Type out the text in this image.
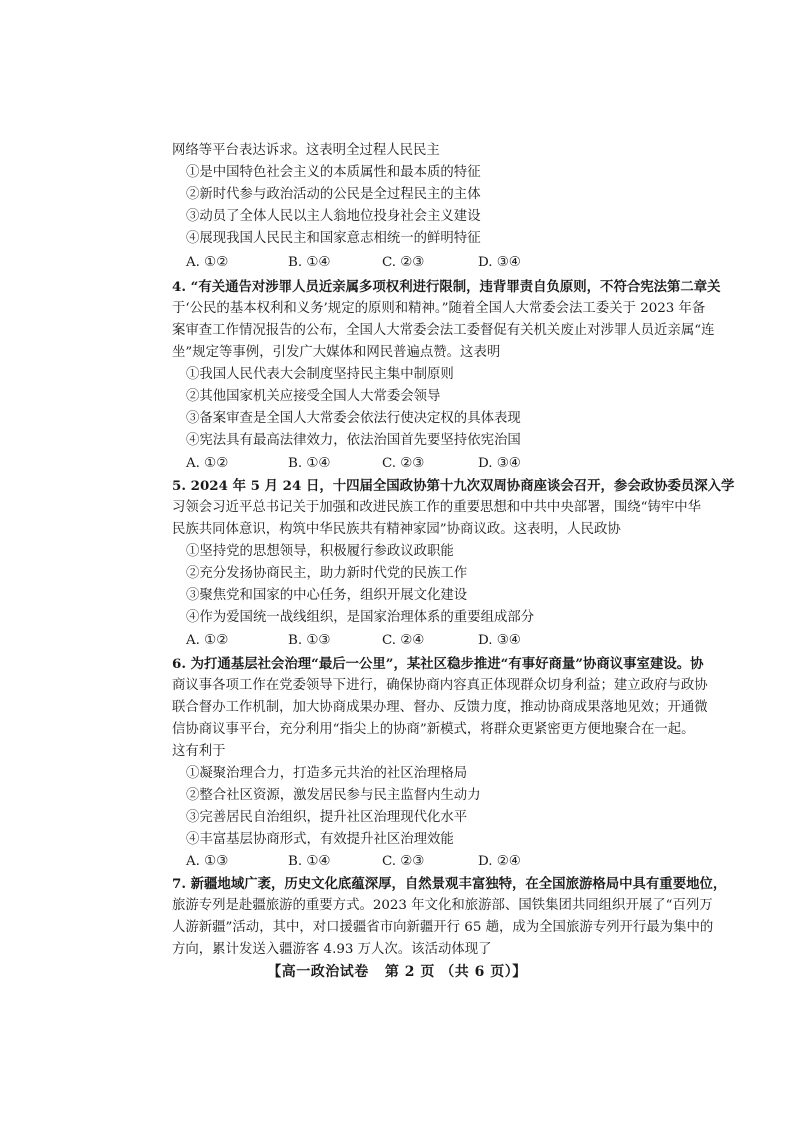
网络等平台表达诉求。这表明全过程人民民主
①是中国特色社会主义的本质属性和最本质的特征
②新时代参与政治活动的公民是全过程民主的主体
③动员了全体人民以主人翁地位投身社会主义建设
④展现我国人民民主和国家意志相统一的鲜明特征
A. ①②	B. ①④	C. ②③	D. ③④
4. “有关通告对涉罪人员近亲属多项权利进行限制，违背罪责自负原则，不符合宪法第二章关
于‘公民的基本权利和义务’规定的原则和精神。”随着全国人大常委会法工委关于 2023 年备
案审查工作情况报告的公布，全国人大常委会法工委督促有关机关废止对涉罪人员近亲属“连
坐”规定等事例，引发广大媒体和网民普遍点赞。这表明
①我国人民代表大会制度坚持民主集中制原则
②其他国家机关应接受全国人大常委会领导
③备案审查是全国人大常委会依法行使决定权的具体表现
④宪法具有最高法律效力，依法治国首先要坚持依宪治国
A. ①②	B. ①④	C. ②③	D. ③④
5. 2024 年 5 月 24 日，十四届全国政协第十九次双周协商座谈会召开，参会政协委员深入学
习领会习近平总书记关于加强和改进民族工作的重要思想和中共中央部署，围绕“铸牢中华
民族共同体意识，构筑中华民族共有精神家园”协商议政。这表明，人民政协
①坚持党的思想领导，积极履行参政议政职能
②充分发扬协商民主，助力新时代党的民族工作
③聚焦党和国家的中心任务，组织开展文化建设
④作为爱国统一战线组织，是国家治理体系的重要组成部分
A. ①②	B. ①③	C. ②④	D. ③④
6. 为打通基层社会治理“最后一公里”，某社区稳步推进“有事好商量”协商议事室建设。协
商议事各项工作在党委领导下进行，确保协商内容真正体现群众切身利益；建立政府与政协
联合督办工作机制，加大协商成果办理、督办、反馈力度，推动协商成果落地见效；开通微
信协商议事平台，充分利用“指尖上的协商”新模式，将群众更紧密更方便地聚合在一起。
这有利于
①凝聚治理合力，打造多元共治的社区治理格局
②整合社区资源，激发居民参与民主监督内生动力
③完善居民自治组织，提升社区治理现代化水平
④丰富基层协商形式，有效提升社区治理效能
A. ①③	B. ①④	C. ②③	D. ②④
7. 新疆地域广袤，历史文化底蕴深厚，自然景观丰富独特，在全国旅游格局中具有重要地位，
旅游专列是赴疆旅游的重要方式。2023 年文化和旅游部、国铁集团共同组织开展了“百列万
人游新疆”活动，其中，对口援疆省市向新疆开行 65 趟，成为全国旅游专列开行最为集中的
方向，累计发送入疆游客 4.93 万人次。该活动体现了
【高一政治试卷 第 2 页 （共 6 页）】
